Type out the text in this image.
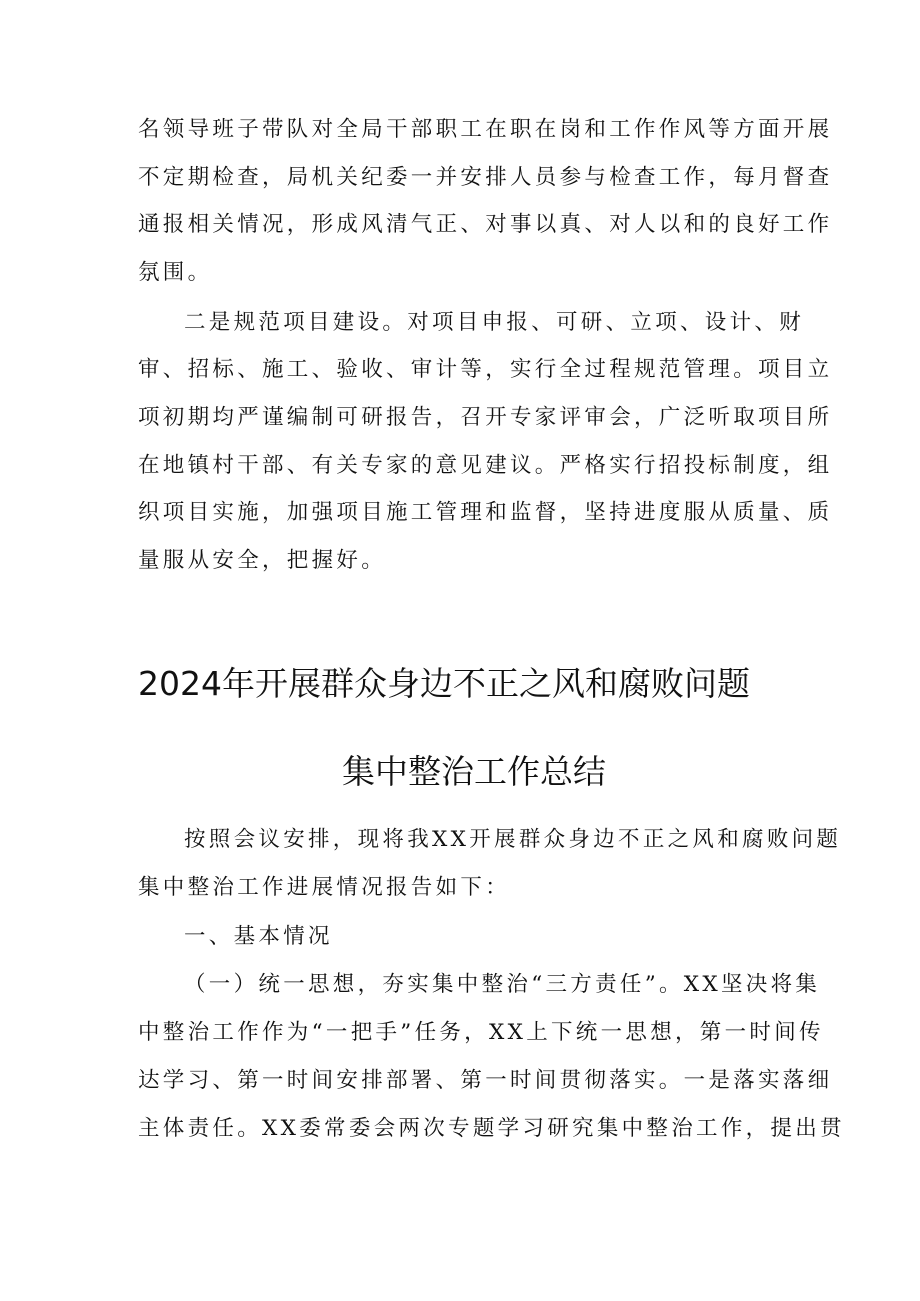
名领导班子带队对全局干部职工在职在岗和工作作风等方面开展
不定期检查，局机关纪委一并安排人员参与检查工作，每月督查
通报相关情况，形成风清气正、对事以真、对人以和的良好工作
氛围。
二是规范项目建设。对项目申报、可研、立项、设计、财
审、招标、施工、验收、审计等，实行全过程规范管理。项目立
项初期均严谨编制可研报告，召开专家评审会，广泛听取项目所
在地镇村干部、有关专家的意见建议。严格实行招投标制度，组
织项目实施，加强项目施工管理和监督，坚持进度服从质量、质
量服从安全，把握好。
2024年开展群众身边不正之风和腐败问题
集中整治工作总结
按照会议安排，现将我XX开展群众身边不正之风和腐败问题
集中整治工作进展情况报告如下：
一、基本情况
（一）统一思想，夯实集中整治“三方责任”。XX坚决将集
中整治工作作为“一把手”任务，XX上下统一思想，第一时间传
达学习、第一时间安排部署、第一时间贯彻落实。一是落实落细
主体责任。XX委常委会两次专题学习研究集中整治工作，提出贯
